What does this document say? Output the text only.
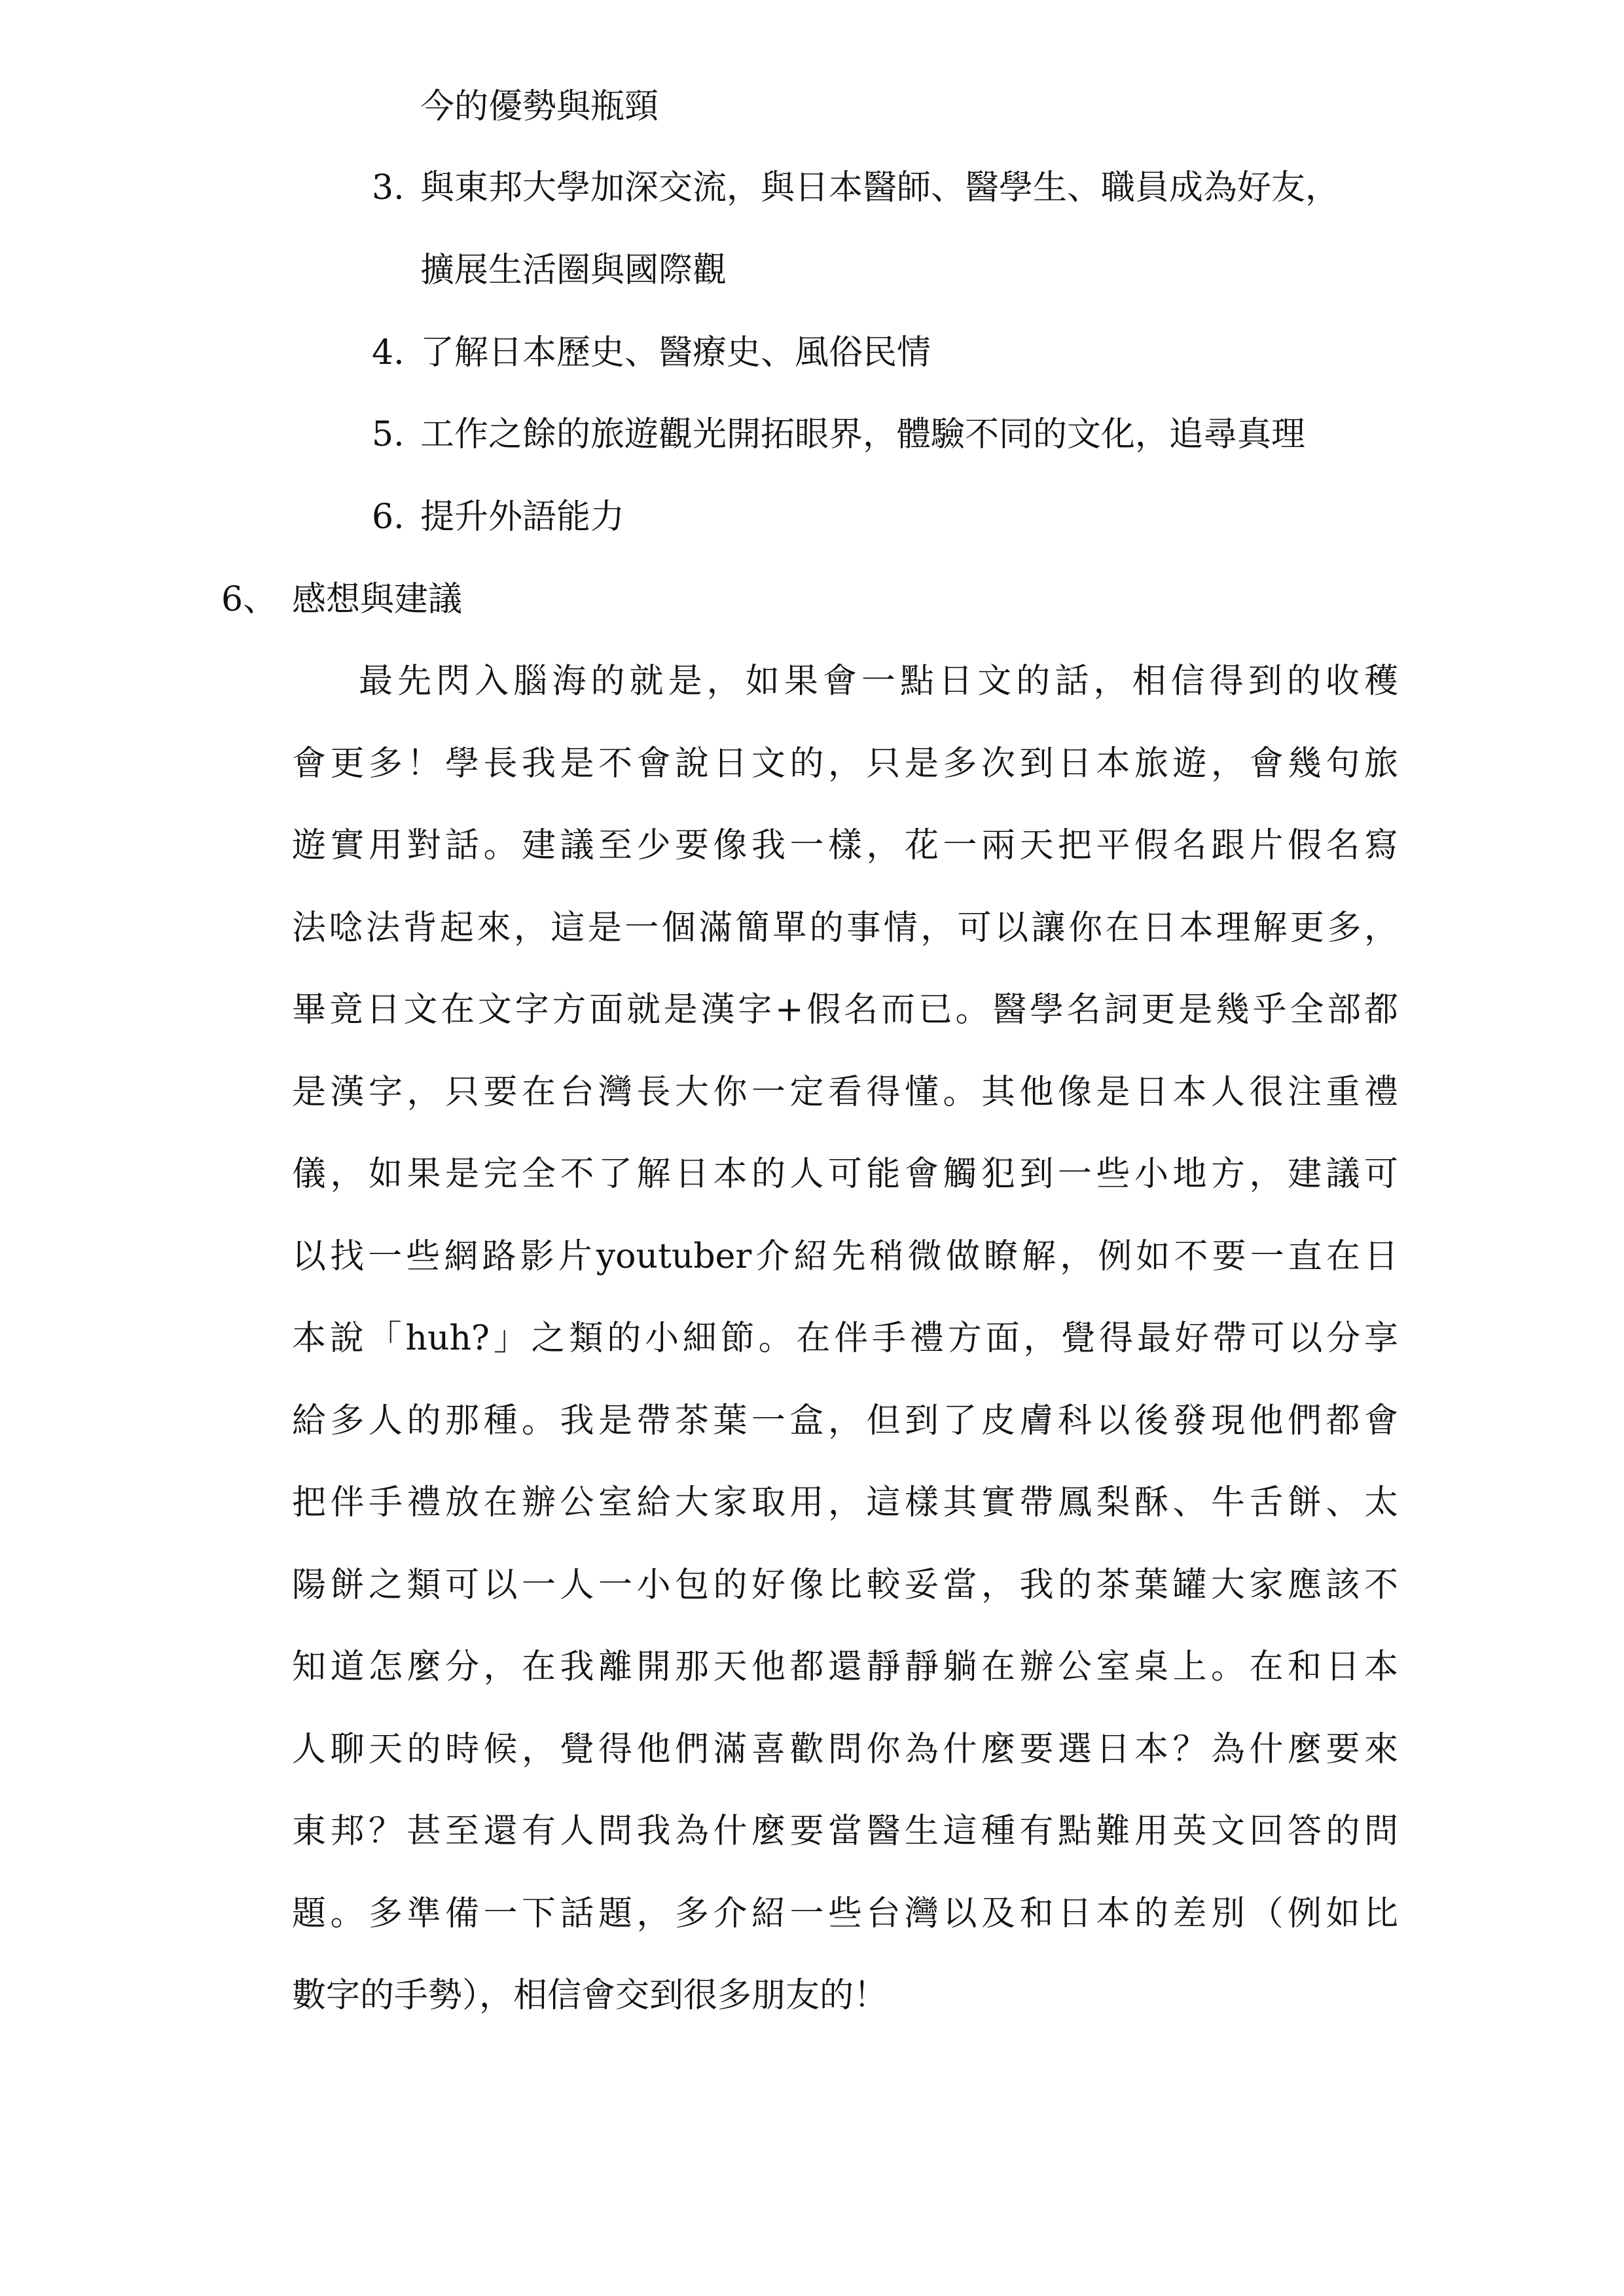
今的優勢與瓶頸
3. 與東邦大學加深交流，與日本醫師、醫學生、職員成為好友，
擴展生活圈與國際觀
4. 了解日本歷史、醫療史、風俗民情
5. 工作之餘的旅遊觀光開拓眼界，體驗不同的文化，追尋真理
6. 提升外語能力
6、 感想與建議
最先閃入腦海的就是，如果會一點日文的話，相信得到的收穫
會更多！學長我是不會說日文的，只是多次到日本旅遊，會幾句旅
遊實用對話。建議至少要像我一樣，花一兩天把平假名跟片假名寫
法唸法背起來，這是一個滿簡單的事情，可以讓你在日本理解更多，
畢竟日文在文字方面就是漢字+假名而已。醫學名詞更是幾乎全部都
是漢字，只要在台灣長大你一定看得懂。其他像是日本人很注重禮
儀，如果是完全不了解日本的人可能會觸犯到一些小地方，建議可
以找一些網路影片youtuber介紹先稍微做瞭解，例如不要一直在日
本說「huh?」之類的小細節。在伴手禮方面，覺得最好帶可以分享
給多人的那種。我是帶茶葉一盒，但到了皮膚科以後發現他們都會
把伴手禮放在辦公室給大家取用，這樣其實帶鳳梨酥、牛舌餅、太
陽餅之類可以一人一小包的好像比較妥當，我的茶葉罐大家應該不
知道怎麼分，在我離開那天他都還靜靜躺在辦公室桌上。在和日本
人聊天的時候，覺得他們滿喜歡問你為什麼要選日本？為什麼要來
東邦？甚至還有人問我為什麼要當醫生這種有點難用英文回答的問
題。多準備一下話題，多介紹一些台灣以及和日本的差別（例如比
數字的手勢），相信會交到很多朋友的！
